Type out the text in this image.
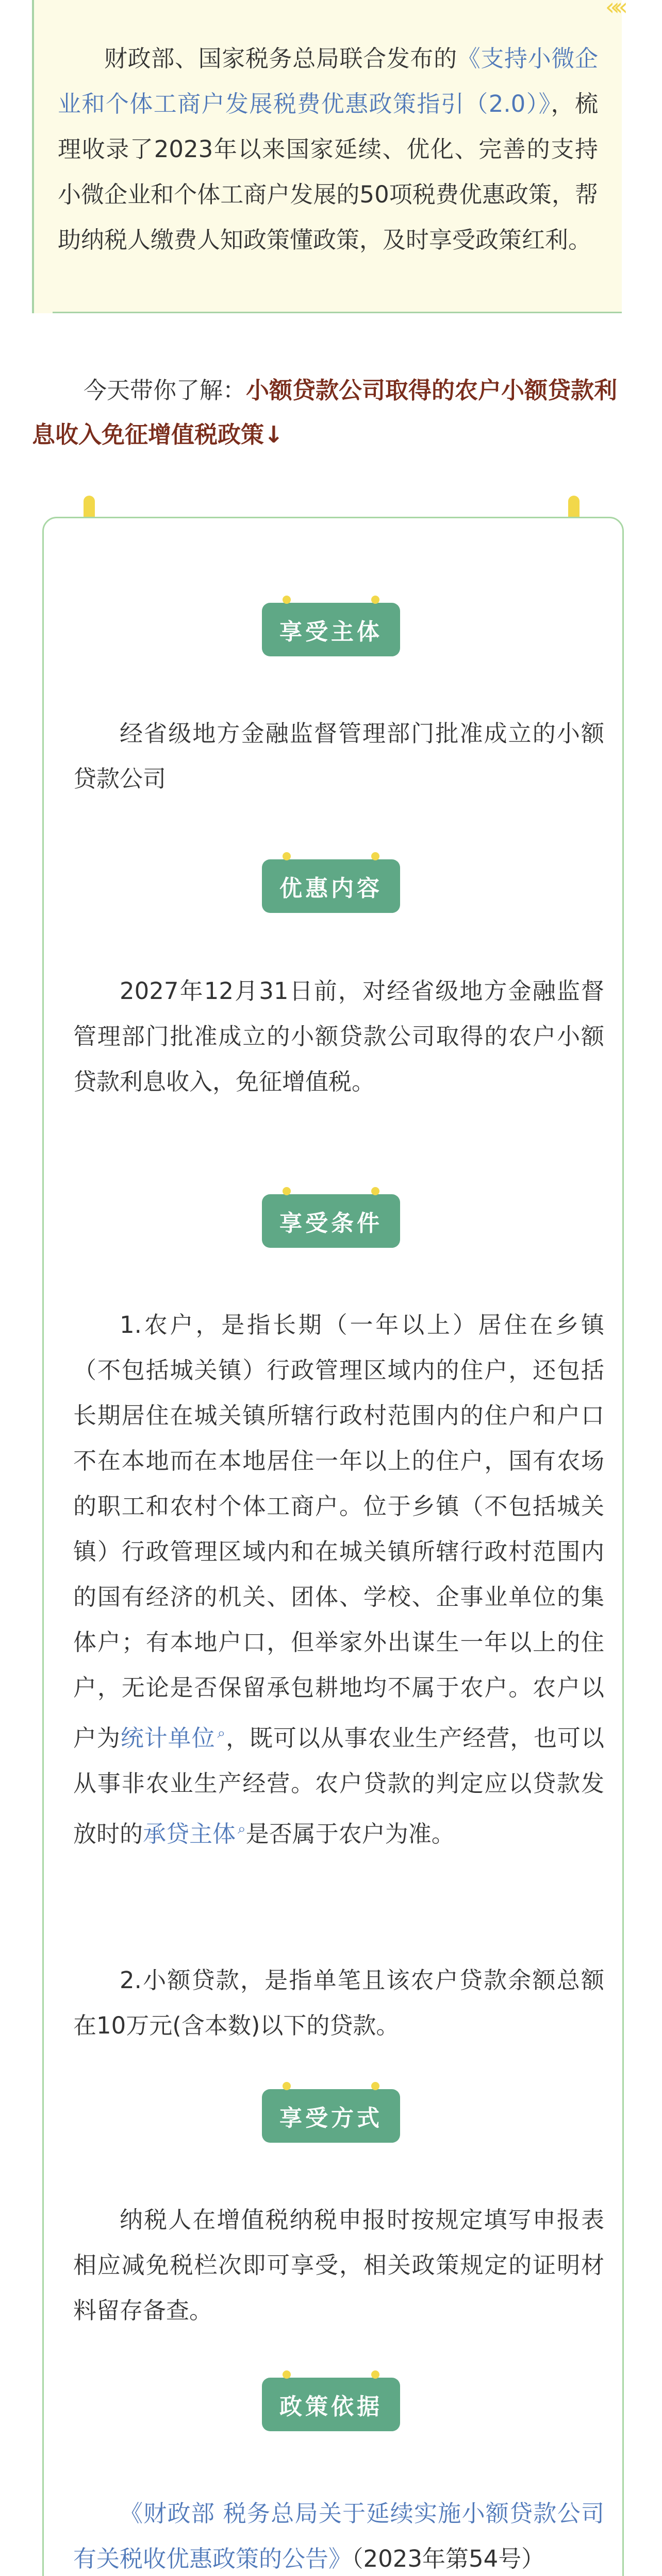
««

财政部、国家税务总局联合发布的《支持小微企业和个体工商户发展税费优惠政策指引（2.0）》，梳理收录了2023年以来国家延续、优化、完善的支持小微企业和个体工商户发展的50项税费优惠政策，帮助纳税人缴费人知政策懂政策，及时享受政策红利。

今天带你了解：小额贷款公司取得的农户小额贷款利息收入免征增值税政策↓

享受主体

经省级地方金融监督管理部门批准成立的小额贷款公司

优惠内容

2027年12月31日前，对经省级地方金融监督管理部门批准成立的小额贷款公司取得的农户小额贷款利息收入，免征增值税。

享受条件

1.农户，是指长期（一年以上）居住在乡镇（不包括城关镇）行政管理区域内的住户，还包括长期居住在城关镇所辖行政村范围内的住户和户口不在本地而在本地居住一年以上的住户，国有农场的职工和农村个体工商户。位于乡镇（不包括城关镇）行政管理区域内和在城关镇所辖行政村范围内的国有经济的机关、团体、学校、企事业单位的集体户；有本地户口，但举家外出谋生一年以上的住户，无论是否保留承包耕地均不属于农户。农户以户为统计单位 ⌕，既可以从事农业生产经营，也可以从事非农业生产经营。农户贷款的判定应以贷款发放时的承贷主体 ⌕是否属于农户为准。

2.小额贷款，是指单笔且该农户贷款余额总额在10万元(含本数)以下的贷款。

享受方式

纳税人在增值税纳税申报时按规定填写申报表相应减免税栏次即可享受，相关政策规定的证明材料留存备查。

政策依据

《财政部 税务总局关于延续实施小额贷款公司有关税收优惠政策的公告》（2023年第54号）
